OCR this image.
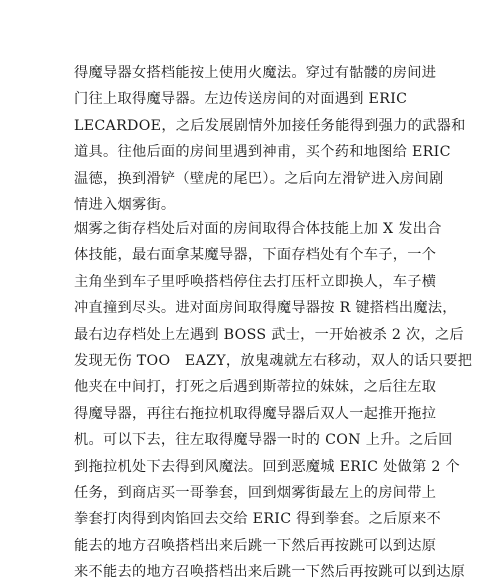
得魔导器女搭档能按上使用火魔法。穿过有骷髅的房间进
门往上取得魔导器。左边传送房间的对面遇到 ERIC
LECARDOE，之后发展剧情外加接任务能得到强力的武器和
道具。往他后面的房间里遇到神甫，买个药和地图给 ERIC
温德，换到滑铲（壁虎的尾巴）。之后向左滑铲进入房间剧
情进入烟雾街。
烟雾之街存档处后对面的房间取得合体技能上加 X 发出合
体技能，最右面拿某魔导器，下面存档处有个车子，一个
主角坐到车子里呼唤搭档停住去打压杆立即换人，车子横
冲直撞到尽头。进对面房间取得魔导器按 R 键搭档出魔法，
最右边存档处上左遇到 BOSS 武士，一开始被杀 2 次，之后
发现无伤 TOO　EAZY，放鬼魂就左右移动，双人的话只要把
他夹在中间打，打死之后遇到斯蒂拉的妹妹，之后往左取
得魔导器，再往右拖拉机取得魔导器后双人一起推开拖拉
机。可以下去，往左取得魔导器一时的 CON 上升。之后回
到拖拉机处下去得到风魔法。回到恶魔城 ERIC 处做第 2 个
任务，到商店买一哥拳套，回到烟雾街最左上的房间带上
拳套打肉得到肉馅回去交给 ERIC 得到拳套。之后原来不
能去的地方召唤搭档出来后跳一下然后再按跳可以到达原
来不能去的地方召唤搭档出来后跳一下然后再按跳可以到达原
